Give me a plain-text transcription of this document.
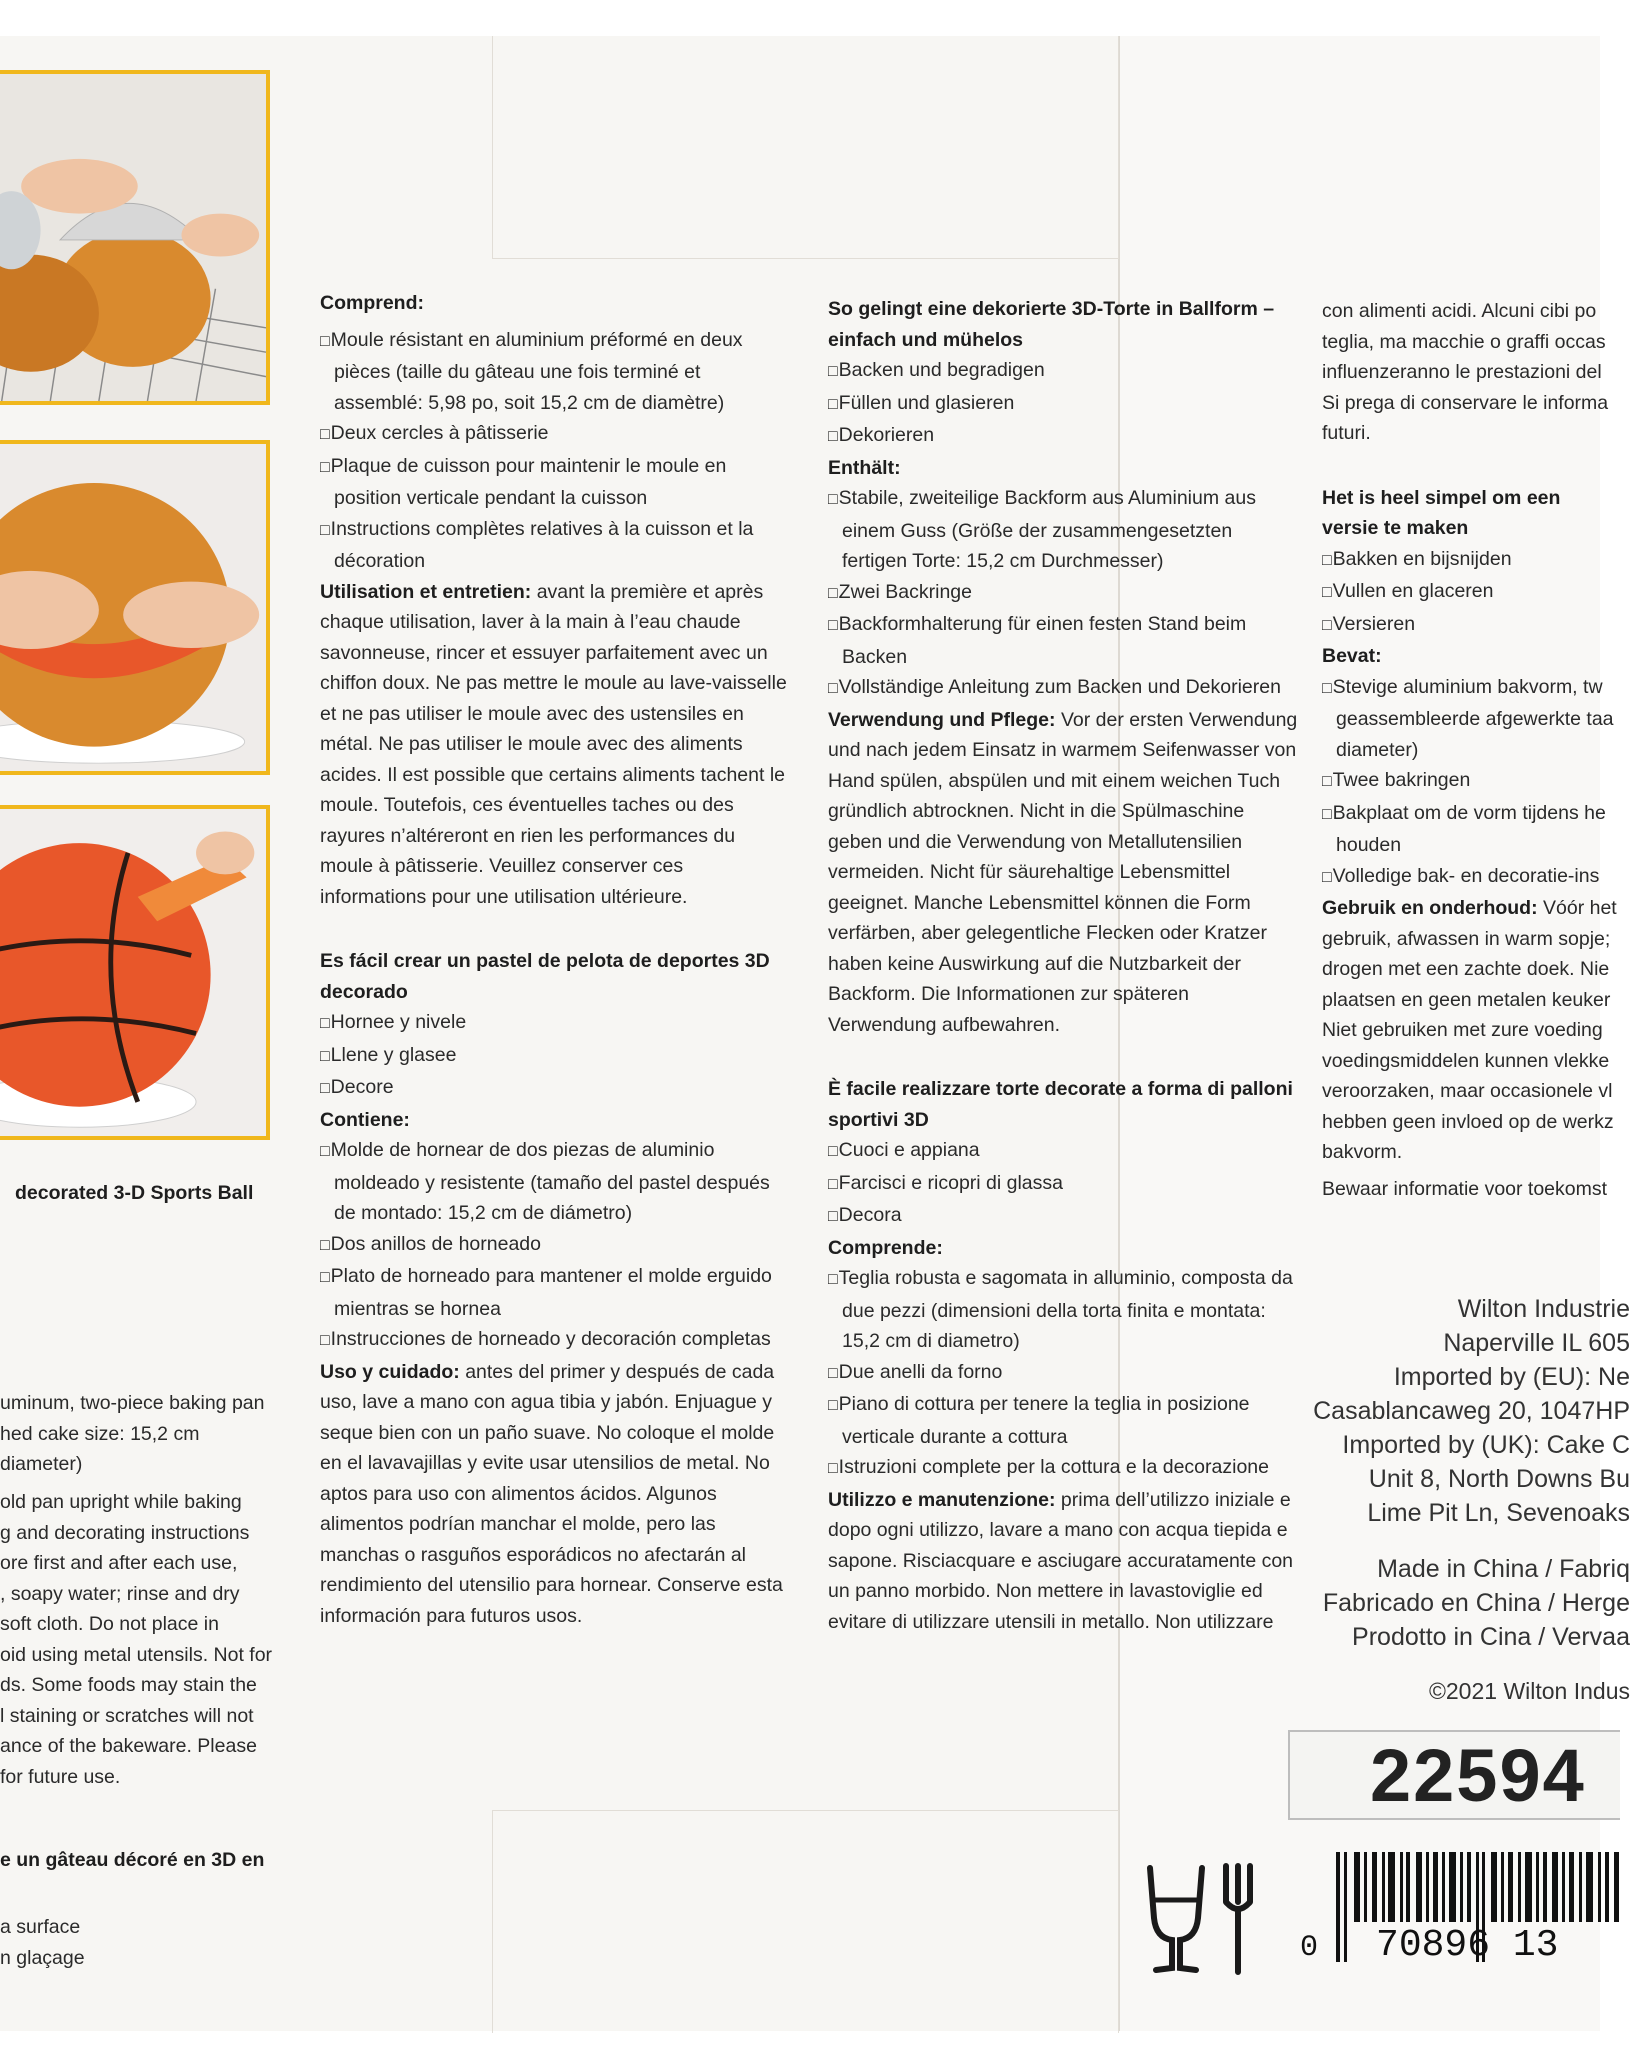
decorated 3-D Sports Ball

uminum, two-piece baking pan

hed cake size: 15,2 cm diameter)

old pan upright while baking

g and decorating instructions

ore first and after each use,

, soapy water; rinse and dry

soft cloth. Do not place in

oid using metal utensils. Not for

ds. Some foods may stain the

l staining or scratches will not

ance of the bakeware. Please

for future use.

e un gâteau décoré en 3D en

a surface

n glaçage

Comprend:

□ Moule résistant en aluminium préformé en deux pièces (taille du gâteau une fois terminé et assemblé: 5,98 po, soit 15,2 cm de diamètre)
□ Deux cercles à pâtisserie
□ Plaque de cuisson pour maintenir le moule en position verticale pendant la cuisson
□ Instructions complètes relatives à la cuisson et la décoration

Utilisation et entretien: avant la première et après chaque utilisation, laver à la main à l’eau chaude savonneuse, rincer et essuyer parfaitement avec un chiffon doux. Ne pas mettre le moule au lave-vaisselle et ne pas utiliser le moule avec des ustensiles en métal. Ne pas utiliser le moule avec des aliments acides. Il est possible que certains aliments tachent le moule. Toutefois, ces éventuelles taches ou des rayures n’altéreront en rien les performances du moule à pâtisserie. Veuillez conserver ces informations pour une utilisation ultérieure.

Es fácil crear un pastel de pelota de deportes 3D decorado

□ Hornee y nivele
□ Llene y glasee
□ Decore

Contiene:

□ Molde de hornear de dos piezas de aluminio moldeado y resistente (tamaño del pastel después de montado: 15,2 cm de diámetro)
□ Dos anillos de horneado
□ Plato de horneado para mantener el molde erguido mientras se hornea
□ Instrucciones de horneado y decoración completas

Uso y cuidado: antes del primer y después de cada uso, lave a mano con agua tibia y jabón. Enjuague y seque bien con un paño suave. No coloque el molde en el lavavajillas y evite usar utensilios de metal. No aptos para uso con alimentos ácidos. Algunos alimentos podrían manchar el molde, pero las manchas o rasguños esporádicos no afectarán al rendimiento del utensilio para hornear. Conserve esta información para futuros usos.

So gelingt eine dekorierte 3D-Torte in Ballform – einfach und mühelos

□ Backen und begradigen
□ Füllen und glasieren
□ Dekorieren

Enthält:

□ Stabile, zweiteilige Backform aus Aluminium aus einem Guss (Größe der zusammengesetzten fertigen Torte: 15,2 cm Durchmesser)
□ Zwei Backringe
□ Backformhalterung für einen festen Stand beim Backen
□ Vollständige Anleitung zum Backen und Dekorieren

Verwendung und Pflege: Vor der ersten Verwendung und nach jedem Einsatz in warmem Seifenwasser von Hand spülen, abspülen und mit einem weichen Tuch gründlich abtrocknen. Nicht in die Spülmaschine geben und die Verwendung von Metallutensilien vermeiden. Nicht für säurehaltige Lebensmittel geeignet. Manche Lebensmittel können die Form verfärben, aber gelegentliche Flecken oder Kratzer haben keine Auswirkung auf die Nutzbarkeit der Backform. Die Informationen zur späteren Verwendung aufbewahren.

È facile realizzare torte decorate a forma di palloni sportivi 3D

□ Cuoci e appiana
□ Farcisci e ricopri di glassa
□ Decora

Comprende:

□ Teglia robusta e sagomata in alluminio, composta da due pezzi (dimensioni della torta finita e montata: 15,2 cm di diametro)
□ Due anelli da forno
□ Piano di cottura per tenere la teglia in posizione verticale durante a cottura
□ Istruzioni complete per la cottura e la decorazione

Utilizzo e manutenzione: prima dell’utilizzo iniziale e dopo ogni utilizzo, lavare a mano con acqua tiepida e sapone. Risciacquare e asciugare accuratamente con un panno morbido. Non mettere in lavastoviglie ed evitare di utilizzare utensili in metallo. Non utilizzare

con alimenti acidi. Alcuni cibi po teglia, ma macchie o graffi occas influenzeranno le prestazioni del Si prega di conservare le informa futuri.

Het is heel simpel om een versie te maken

□ Bakken en bijsnijden
□ Vullen en glaceren
□ Versieren

Bevat:

□ Stevige aluminium bakvorm, tw geassembleerde afgewerkte taa diameter)
□ Twee bakringen
□ Bakplaat om de vorm tijdens he houden
□ Volledige bak- en decoratie-ins

Gebruik en onderhoud: Vóór het gebruik, afwassen in warm sopje; drogen met een zachte doek. Nie plaatsen en geen metalen keuker Niet gebruiken met zure voeding voedingsmiddelen kunnen vlekke veroorzaken, maar occasionele vl hebben geen invloed op de werkz bakvorm.

Bewaar informatie voor toekomst

Wilton Industrie
Naperville IL 605
Imported by (EU): Ne
Casablancaweg 20, 1047HP
Imported by (UK): Cake C
Unit 8, North Downs Bu
Lime Pit Ln, Sevenoaks
Made in China / Fabriq
Fabricado en China / Herge
Prodotto in Cina / Vervaa
©2021 Wilton Indus
22594
0 70896 13
